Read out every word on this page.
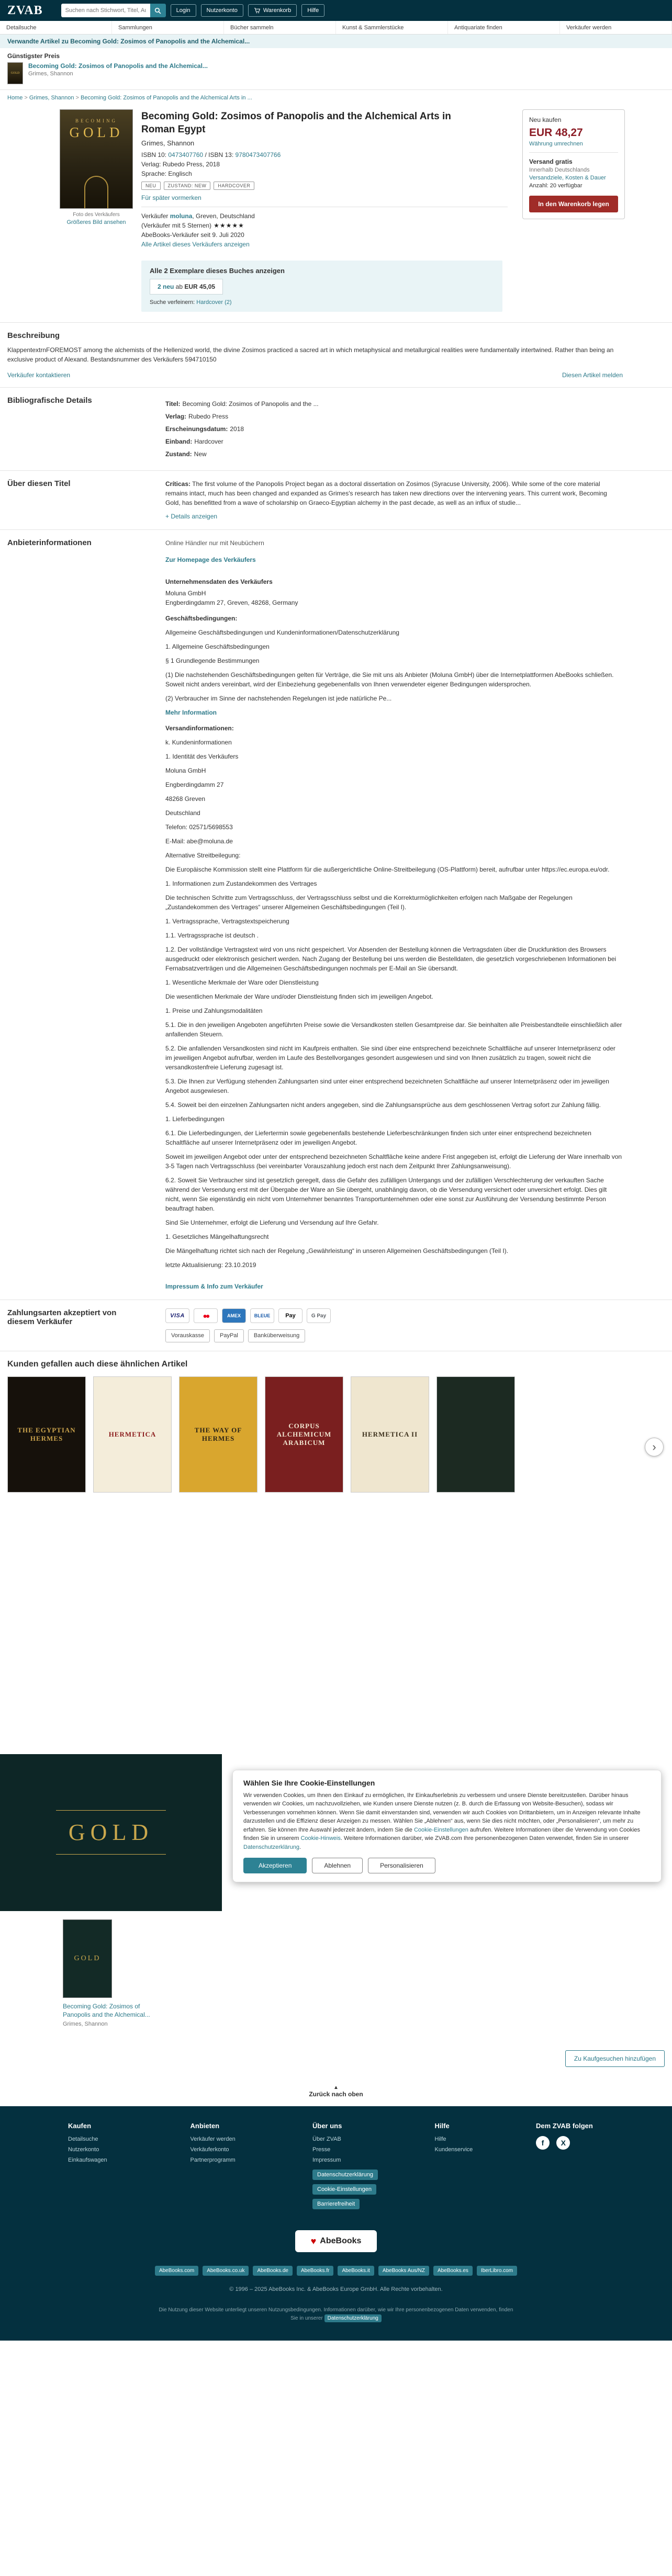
ZVAB
Suchen nach Stichwort, Titel, Autor oder ISBN	Login	Nutzerkonto	Warenkorb	Hilfe
Detailsuche	Sammlungen	Bücher sammeln	Kunst & Sammlerstücke	Antiquariate finden	Verkäufer werden
Verwandte Artikel zu Becoming Gold: Zosimos of Panopolis and the Alchemical...
Günstigster Preis
GOLD
Becoming Gold: Zosimos of Panopolis and the Alchemical...
Grimes, Shannon
Home	> Grimes, Shannon	> Becoming Gold: Zosimos of Panopolis and the Alchemical Arts in ...
BECOMING
GOLD
Foto des Verkäufers
Größeres Bild ansehen
Becoming Gold: Zosimos of Panopolis and the Alchemical Arts in Roman Egypt
Grimes, Shannon
ISBN 10: 0473407760 / ISBN 13: 9780473407766
Verlag: Rubedo Press, 2018
Sprache: Englisch
NEU ZUSTAND: NEW HARDCOVER
Für später vormerken
Verkäufer moluna, Greven, Deutschland
(Verkäufer mit 5 Sternen) ★★★★★
AbeBooks-Verkäufer seit 9. Juli 2020
Alle Artikel dieses Verkäufers anzeigen
Neu kaufen
EUR 48,27
Währung umrechnen
Versand gratis
Innerhalb Deutschlands
Versandziele, Kosten & Dauer
Anzahl: 20 verfügbar
In den Warenkorb legen
Alle 2 Exemplare dieses Buches anzeigen
2 neu ab EUR 45,05
Suche verfeinern: Hardcover (2)
Beschreibung

KlappentextrnFOREMOST among the alchemists of the Hellenized world, the divine Zosimos practiced a sacred art in which metaphysical and metallurgical realities were fundamentally intertwined. Rather than being an exclusive product of Alexand. Bestandsnummer des Verkäufers 594710150

Verkäufer kontaktieren	Diesen Artikel melden
Bibliografische Details	Titel: Becoming Gold: Zosimos of Panopolis and the ...
Verlag: Rubedo Press
Erscheinungsdatum: 2018
Einband: Hardcover
Zustand: New
Über diesen Titel	Críticas: The first volume of the Panopolis Project began as a doctoral dissertation on Zosimos (Syracuse University, 2006). While some of the core material remains intact, much has been changed and expanded as Grimes's research has taken new directions over the intervening years. This current work, Becoming Gold, has benefitted from a wave of scholarship on Graeco-Egyptian alchemy in the past decade, as well as an influx of studie...

+ Details anzeigen
Anbieterinformationen	Online Händler nur mit Neubüchern
Zur Homepage des Verkäufers
Unternehmensdaten des Verkäufers
Moluna GmbH
Engberdingdamm 27, Greven, 48268, Germany
Geschäftsbedingungen:

Allgemeine Geschäftsbedingungen und Kundeninformationen/Datenschutzerklärung

1. Allgemeine Geschäftsbedingungen

§ 1 Grundlegende Bestimmungen

(1) Die nachstehenden Geschäftsbedingungen gelten für Verträge, die Sie mit uns als Anbieter (Moluna GmbH) über die Internetplattformen AbeBooks schließen. Soweit nicht anders vereinbart, wird der Einbeziehung gegebenenfalls von Ihnen verwendeter eigener Bedingungen widersprochen.

(2) Verbraucher im Sinne der nachstehenden Regelungen ist jede natürliche Pe...

Mehr Information
Versandinformationen:

k. Kundeninformationen

1. Identität des Verkäufers

Moluna GmbH

Engberdingdamm 27

48268 Greven

Deutschland

Telefon: 02571/5698553

E-Mail: abe@moluna.de

Alternative Streitbeilegung:

Die Europäische Kommission stellt eine Plattform für die außergerichtliche Online-Streitbeilegung (OS-Plattform) bereit, aufrufbar unter https://ec.europa.eu/odr.

1. Informationen zum Zustandekommen des Vertrages

Die technischen Schritte zum Vertragsschluss, der Vertragsschluss selbst und die Korrekturmöglichkeiten erfolgen nach Maßgabe der Regelungen „Zustandekommen des Vertrages“ unserer Allgemeinen Geschäftsbedingungen (Teil I).

1. Vertragssprache, Vertragstextspeicherung

1.1. Vertragssprache ist deutsch .

1.2. Der vollständige Vertragstext wird von uns nicht gespeichert. Vor Absenden der Bestellung können die Vertragsdaten über die Druckfunktion des Browsers ausgedruckt oder elektronisch gesichert werden. Nach Zugang der Bestellung bei uns werden die Bestelldaten, die gesetzlich vorgeschriebenen Informationen bei Fernabsatzverträgen und die Allgemeinen Geschäftsbedingungen nochmals per E-Mail an Sie übersandt.

1. Wesentliche Merkmale der Ware oder Dienstleistung

Die wesentlichen Merkmale der Ware und/oder Dienstleistung finden sich im jeweiligen Angebot.

1. Preise und Zahlungsmodalitäten

5.1. Die in den jeweiligen Angeboten angeführten Preise sowie die Versandkosten stellen Gesamtpreise dar. Sie beinhalten alle Preisbestandteile einschließlich aller anfallenden Steuern.

5.2. Die anfallenden Versandkosten sind nicht im Kaufpreis enthalten. Sie sind über eine entsprechend bezeichnete Schaltfläche auf unserer Internetpräsenz oder im jeweiligen Angebot aufrufbar, werden im Laufe des Bestellvorganges gesondert ausgewiesen und sind von Ihnen zusätzlich zu tragen, soweit nicht die versandkostenfreie Lieferung zugesagt ist.

5.3. Die Ihnen zur Verfügung stehenden Zahlungsarten sind unter einer entsprechend bezeichneten Schaltfläche auf unserer Internetpräsenz oder im jeweiligen Angebot ausgewiesen.

5.4. Soweit bei den einzelnen Zahlungsarten nicht anders angegeben, sind die Zahlungsansprüche aus dem geschlossenen Vertrag sofort zur Zahlung fällig.

1. Lieferbedingungen

6.1. Die Lieferbedingungen, der Liefertermin sowie gegebenenfalls bestehende Lieferbeschränkungen finden sich unter einer entsprechend bezeichneten Schaltfläche auf unserer Internetpräsenz oder im jeweiligen Angebot.

Soweit im jeweiligen Angebot oder unter der entsprechend bezeichneten Schaltfläche keine andere Frist angegeben ist, erfolgt die Lieferung der Ware innerhalb von 3-5 Tagen nach Vertragsschluss (bei vereinbarter Vorauszahlung jedoch erst nach dem Zeitpunkt Ihrer Zahlungsanweisung).

6.2. Soweit Sie Verbraucher sind ist gesetzlich geregelt, dass die Gefahr des zufälligen Untergangs und der zufälligen Verschlechterung der verkauften Sache während der Versendung erst mit der Übergabe der Ware an Sie übergeht, unabhängig davon, ob die Versendung versichert oder unversichert erfolgt. Dies gilt nicht, wenn Sie eigenständig ein nicht vom Unternehmer benanntes Transportunternehmen oder eine sonst zur Ausführung der Versendung bestimmte Person beauftragt haben.

Sind Sie Unternehmer, erfolgt die Lieferung und Versendung auf Ihre Gefahr.

1. Gesetzliches Mängelhaftungsrecht

Die Mängelhaftung richtet sich nach der Regelung „Gewährleistung“ in unseren Allgemeinen Geschäftsbedingungen (Teil I).

letzte Aktualisierung: 23.10.2019

Impressum & Info zum Verkäufer
Zahlungsarten akzeptiert von diesem Verkäufer
VISA ●●	AMEX	BLEUE	Pay	G Pay
Vorauskasse	PayPal	Banküberweisung
Kunden gefallen auch diese ähnlichen Artikel
THE EGYPTIAN HERMES
HERMETICA
THE WAY OF HERMES
CORPUS ALCHEMICUM ARABICUM
HERMETICA II
›
GOLD
Wählen Sie Ihre Cookie-Einstellungen
Wir verwenden Cookies, um Ihnen den Einkauf zu ermöglichen, Ihr Einkaufserlebnis zu verbessern und unsere Dienste bereitzustellen. Darüber hinaus verwenden wir Cookies, um nachzuvollziehen, wie Kunden unsere Dienste nutzen (z. B. durch die Erfassung von Website-Besuchen), sodass wir Verbesserungen vornehmen können. Wenn Sie damit einverstanden sind, verwenden wir auch Cookies von Drittanbietern, um in Anzeigen relevante Inhalte darzustellen und die Effizienz dieser Anzeigen zu messen. Wählen Sie „Ablehnen“ aus, wenn Sie dies nicht möchten, oder „Personalisieren“, um mehr zu erfahren. Sie können Ihre Auswahl jederzeit ändern, indem Sie die Cookie-Einstellungen aufrufen. Weitere Informationen über die Verwendung von Cookies finden Sie in unserem Cookie-Hinweis. Weitere Informationen darüber, wie ZVAB.com Ihre personenbezogenen Daten verwendet, finden Sie in unserer Datenschutzerklärung.
Akzeptieren	Ablehnen	Personalisieren
GOLD
Becoming Gold: Zosimos of Panopolis and the Alchemical...
Grimes, Shannon
Zu Kaufgesuchen hinzufügen
▲
Zurück nach oben
Kaufen
Detailsuche
Nutzerkonto
Einkaufswagen
Anbieten
Verkäufer werden
Verkäuferkonto
Partnerprogramm
Über uns
Über ZVAB
Presse
Impressum
Datenschutzerklärung
Cookie-Einstellungen
Barrierefreiheit
Hilfe
Hilfe
Kundenservice
Dem ZVAB folgen
f X
♥ AbeBooks
AbeBooks.com	AbeBooks.co.uk	AbeBooks.de	AbeBooks.fr	AbeBooks.it	AbeBooks Aus/NZ	AbeBooks.es	IberLibro.com
© 1996 – 2025 AbeBooks Inc. & AbeBooks Europe GmbH. Alle Rechte vorbehalten.
Die Nutzung dieser Website unterliegt unseren Nutzungsbedingungen. Informationen darüber, wie wir Ihre personenbezogenen Daten verwenden, finden Sie in unserer Datenschutzerklärung
